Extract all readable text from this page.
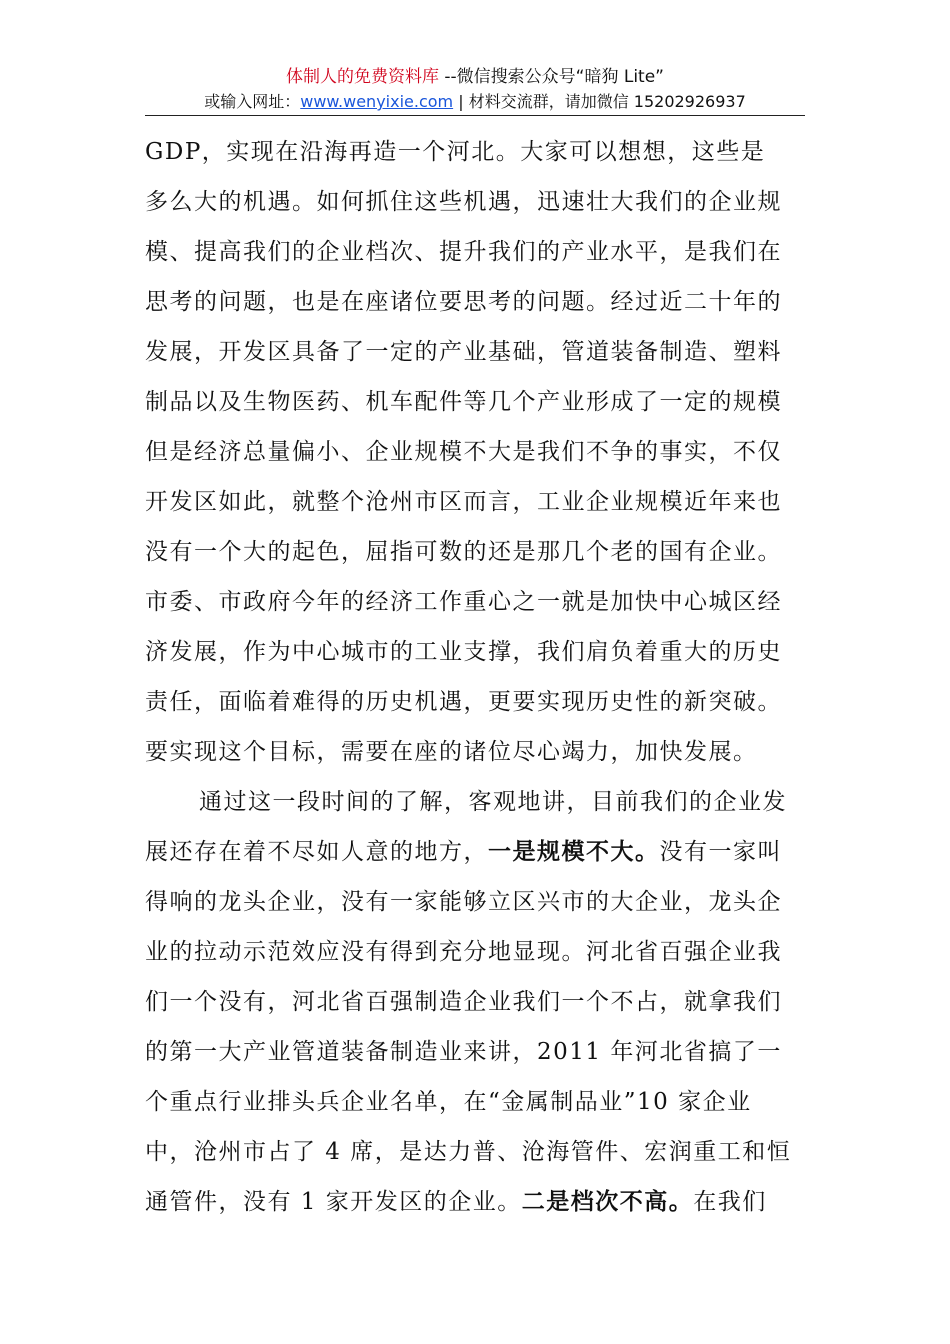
体制人的免费资料库 --微信搜索公众号“暗狗 Lite”
或输入网址：www.wenyixie.com | 材料交流群，请加微信 15202926937
GDP，实现在沿海再造一个河北。大家可以想想，这些是
多么大的机遇。如何抓住这些机遇，迅速壮大我们的企业规
模、提高我们的企业档次、提升我们的产业水平，是我们在
思考的问题，也是在座诸位要思考的问题。经过近二十年的
发展，开发区具备了一定的产业基础，管道装备制造、塑料
制品以及生物医药、机车配件等几个产业形成了一定的规模
但是经济总量偏小、企业规模不大是我们不争的事实，不仅
开发区如此，就整个沧州市区而言，工业企业规模近年来也
没有一个大的起色，屈指可数的还是那几个老的国有企业。
市委、市政府今年的经济工作重心之一就是加快中心城区经
济发展，作为中心城市的工业支撑，我们肩负着重大的历史
责任，面临着难得的历史机遇，更要实现历史性的新突破。
要实现这个目标，需要在座的诸位尽心竭力，加快发展。
通过这一段时间的了解，客观地讲，目前我们的企业发
展还存在着不尽如人意的地方，一是规模不大。没有一家叫
得响的龙头企业，没有一家能够立区兴市的大企业，龙头企
业的拉动示范效应没有得到充分地显现。河北省百强企业我
们一个没有，河北省百强制造企业我们一个不占，就拿我们
的第一大产业管道装备制造业来讲，2011 年河北省搞了一
个重点行业排头兵企业名单，在“金属制品业”10 家企业
中，沧州市占了 4 席，是达力普、沧海管件、宏润重工和恒
通管件，没有 1 家开发区的企业。二是档次不高。在我们
